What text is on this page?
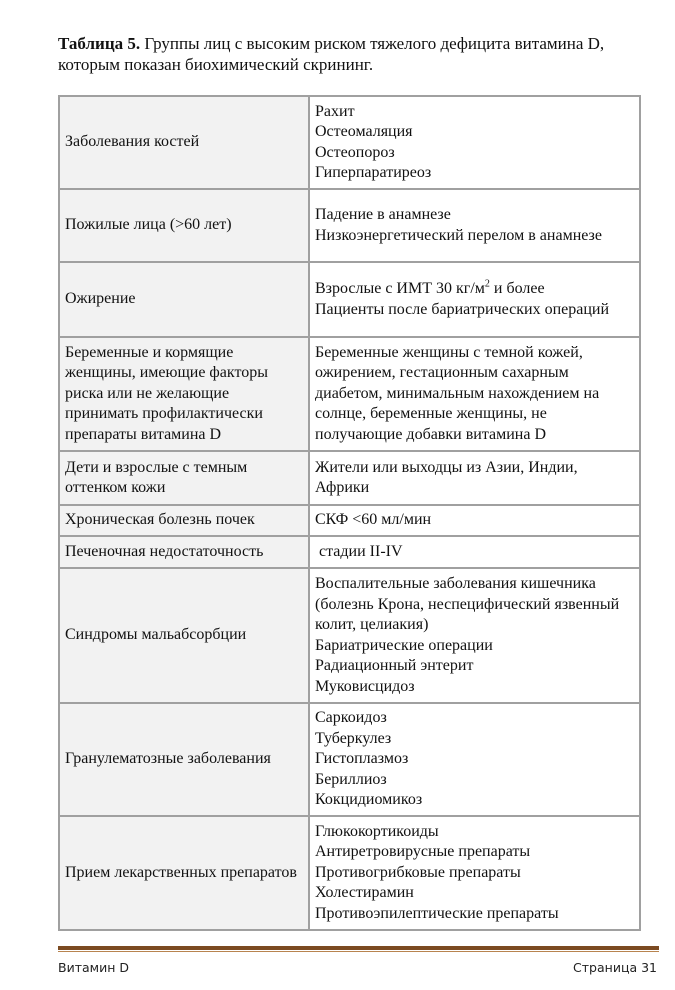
Таблица 5. Группы лиц с высоким риском тяжелого дефицита витамина D, которым показан биохимический скрининг.
Заболевания костей	Рахит
Остеомаляция
Остеопороз
Гиперпаратиреоз

Пожилые лица (>60 лет)	Падение в анамнезе
Низкоэнергетический перелом в анамнезе

Ожирение	Взрослые с ИМТ 30 $кг/м^2$ и более
Пациенты после бариатрических операций

Беременные и кормящие женщины, имеющие факторы риска или не желающие принимать профилактически препараты витамина D	Беременные женщины с темной кожей, ожирением, гестационным сахарным диабетом, минимальным нахождением на солнце, беременные женщины, не получающие добавки витамина D

Дети и взрослые с темным оттенком кожи	Жители или выходцы из Азии, Индии, Африки

Хроническая болезнь почек	СКФ <60 мл/мин

Печеночная недостаточность	стадии II-IV

Синдромы мальабсорбции	Воспалительные заболевания кишечника (болезнь Крона, неспецифический язвенный колит, целиакия)
Бариатрические операции
Радиационный энтерит
Муковисцидоз

Гранулематозные заболевания	Саркоидоз
Туберкулез
Гистоплазмоз
Бериллиоз
Кокцидиомикоз

Прием лекарственных препаратов	Глюкокортикоиды
Антиретровирусные препараты
Противогрибковые препараты
Холестирамин
Противоэпилептические препараты
Витамин D	Страница 31
